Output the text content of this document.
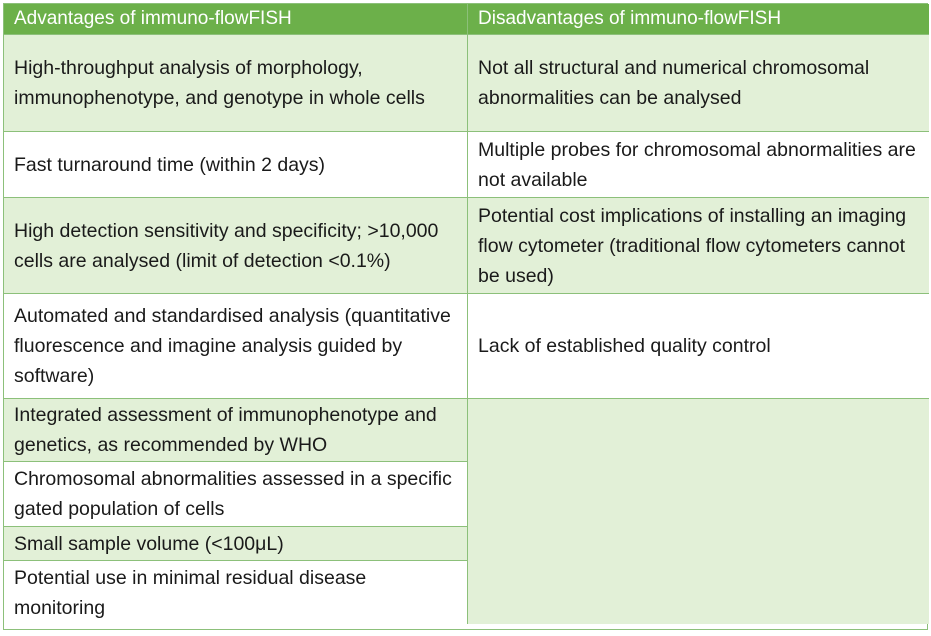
Advantages of immuno-flowFISH	Disadvantages of immuno-flowFISH
High-throughput analysis of morphology, immunophenotype, and genotype in whole cells
Fast turnaround time (within 2 days)
High detection sensitivity and specificity; >10,000 cells are analysed (limit of detection <0.1%)
Automated and standardised analysis (quantitative fluorescence and imagine analysis guided by software)
Integrated assessment of immunophenotype and genetics, as recommended by WHO
Chromosomal abnormalities assessed in a specific gated population of cells
Small sample volume (<100μL)
Potential use in minimal residual disease monitoring
Not all structural and numerical chromosomal abnormalities can be analysed
Multiple probes for chromosomal abnormalities are not available
Potential cost implications of installing an imaging flow cytometer (traditional flow cytometers cannot be used)
Lack of established quality control
